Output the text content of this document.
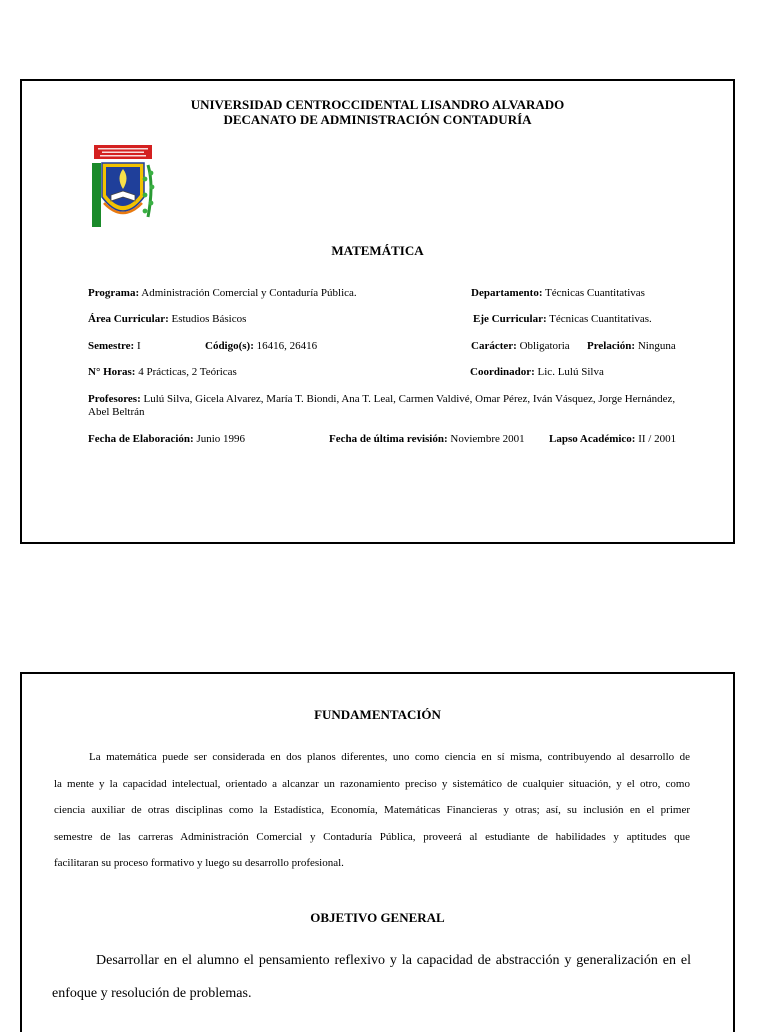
UNIVERSIDAD CENTROCCIDENTAL LISANDRO ALVARADO
DECANATO DE ADMINISTRACIÓN CONTADURÍA
MATEMÁTICA
Programa: Administración Comercial y Contaduría Pública.	Departamento: Técnicas Cuantitativas
Área Curricular: Estudios Básicos	Eje Curricular: Técnicas Cuantitativas.
Semestre: I	Código(s): 16416, 26416	Carácter: Obligatoria Prelación: Ninguna
N° Horas: 4 Prácticas, 2 Teóricas	Coordinador: Lic. Lulú Silva
Profesores: Lulú Silva, Gicela Alvarez, María T. Biondi, Ana T. Leal, Carmen Valdivé, Omar Pérez, Iván Vásquez, Jorge Hernández,
Abel Beltrán
Fecha de Elaboración: Junio 1996	Fecha de última revisión: Noviembre 2001 Lapso Académico: II / 2001
FUNDAMENTACIÓN
La matemática puede ser considerada en dos planos diferentes, uno como ciencia en sí misma, contribuyendo al desarrollo de
la mente y la capacidad intelectual, orientado a alcanzar un razonamiento preciso y sistemático de cualquier situación, y el otro, como
ciencia auxiliar de otras disciplinas como la Estadística, Economía, Matemáticas Financieras y otras; así, su inclusión en el primer
semestre de las carreras Administración Comercial y Contaduría Pública, proveerá al estudiante de habilidades y aptitudes que
facilitaran su proceso formativo y luego su desarrollo profesional.
OBJETIVO GENERAL
Desarrollar en el alumno el pensamiento reflexivo y la capacidad de abstracción y generalización en el
enfoque y resolución de problemas.
